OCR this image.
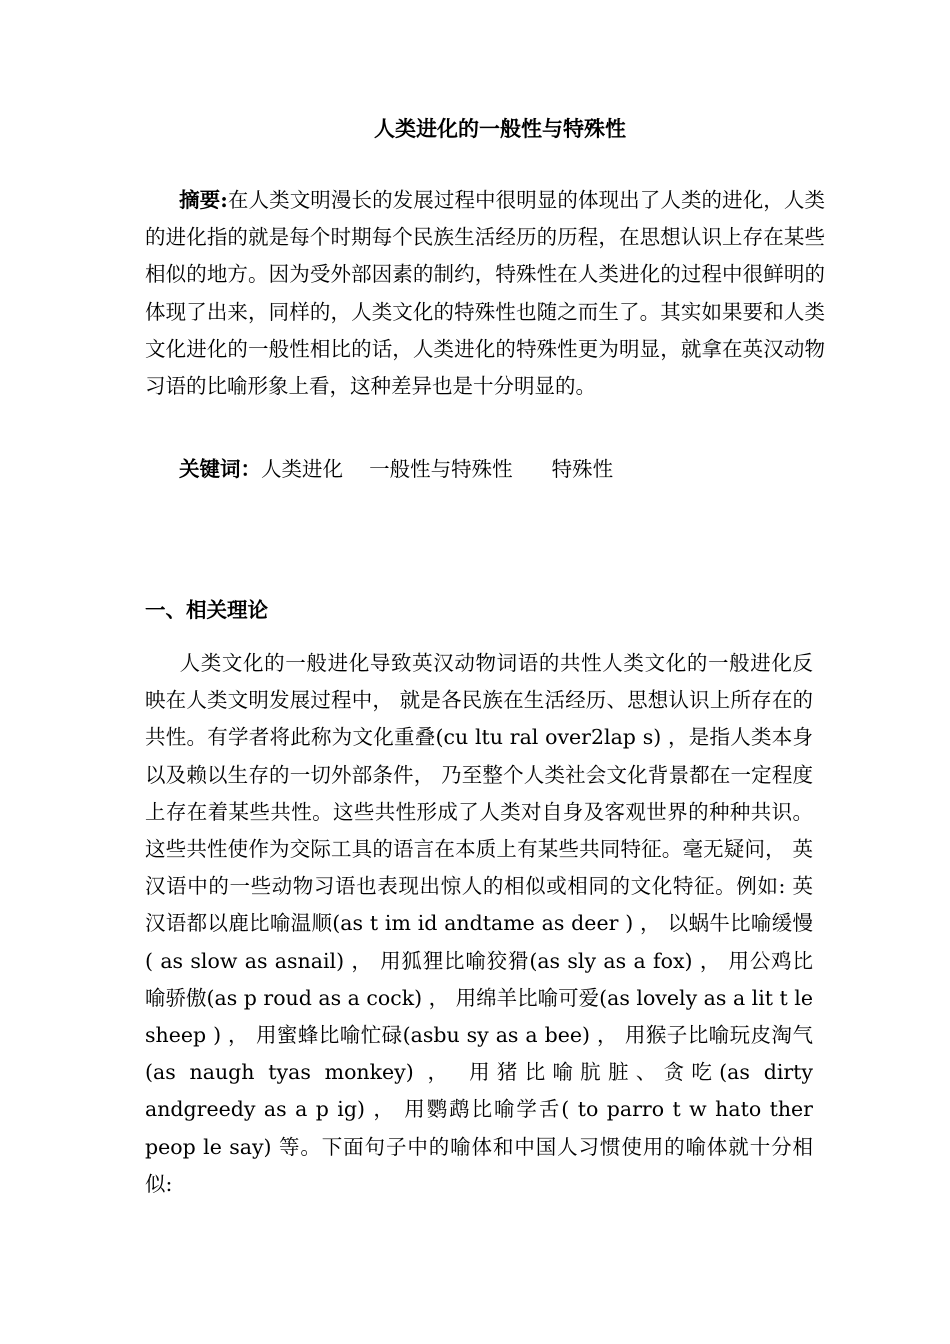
人类进化的一般性与特殊性
摘要:在人类文明漫长的发展过程中很明显的体现出了人类的进化，人类的进化指的就是每个时期每个民族生活经历的历程，在思想认识上存在某些相似的地方。因为受外部因素的制约，特殊性在人类进化的过程中很鲜明的体现了出来，同样的，人类文化的特殊性也随之而生了。其实如果要和人类文化进化的一般性相比的话，人类进化的特殊性更为明显，就拿在英汉动物习语的比喻形象上看，这种差异也是十分明显的。
关键词：人类进化    一般性与特殊性      特殊性
一、相关理论
人类文化的一般进化导致英汉动物词语的共性人类文化的一般进化反映在人类文明发展过程中， 就是各民族在生活经历、思想认识上所存在的共性。有学者将此称为文化重叠(cu ltu ral over2lap s) ，是指人类本身以及赖以生存的一切外部条件， 乃至整个人类社会文化背景都在一定程度上存在着某些共性。这些共性形成了人类对自身及客观世界的种种共识。这些共性使作为交际工具的语言在本质上有某些共同特征。毫无疑问， 英汉语中的一些动物习语也表现出惊人的相似或相同的文化特征。例如: 英汉语都以鹿比喻温顺(as t im id andtame as deer ) ， 以蜗牛比喻缓慢( as slow as asnail) ， 用狐狸比喻狡猾(as sly as a fox) ， 用公鸡比喻骄傲(as p roud as a cock) ， 用绵羊比喻可爱(as lovely as a lit t le sheep ) ， 用蜜蜂比喻忙碌(asbu sy as a bee) ， 用猴子比喻玩皮淘气(as naugh tyas monkey) ， 用猪比喻肮脏、贪吃(as dirty andgreedy as a p ig) ， 用鹦鹉比喻学舌( to parro t w hato ther peop le say) 等。下面句子中的喻体和中国人习惯使用的喻体就十分相似:
